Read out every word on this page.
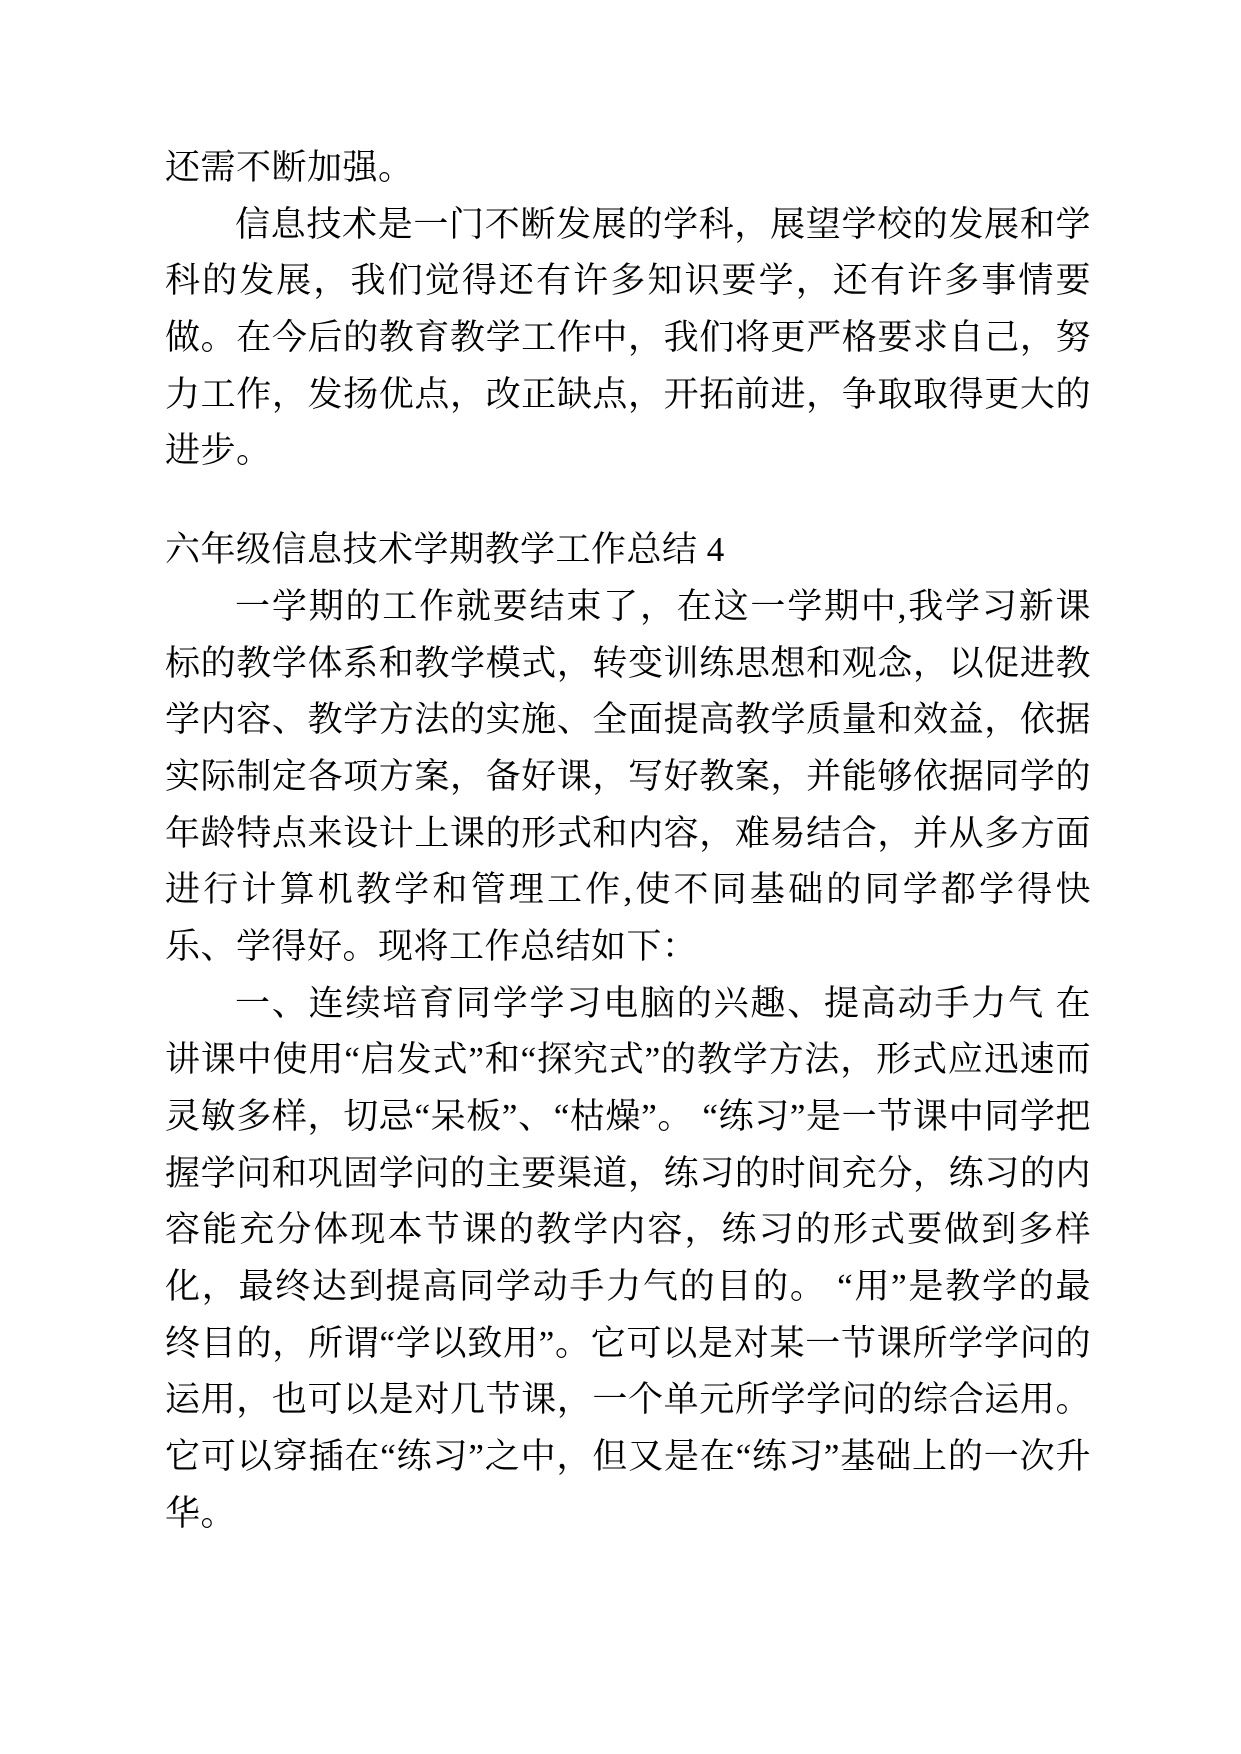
还需不断加强。

信息技术是一门不断发展的学科，展望学校的发展和学科的发展，我们觉得还有许多知识要学，还有许多事情要做。在今后的教育教学工作中，我们将更严格要求自己，努力工作，发扬优点，改正缺点，开拓前进，争取取得更大的进步。

六年级信息技术学期教学工作总结 4

一学期的工作就要结束了，在这一学期中,我学习新课标的教学体系和教学模式，转变训练思想和观念，以促进教学内容、教学方法的实施、全面提高教学质量和效益，依据实际制定各项方案，备好课，写好教案，并能够依据同学的年龄特点来设计上课的形式和内容，难易结合，并从多方面进行计算机教学和管理工作,使不同基础的同学都学得快乐、学得好。现将工作总结如下：

一、连续培育同学学习电脑的兴趣、提高动手力气 在讲课中使用“启发式”和“探究式”的教学方法，形式应迅速而灵敏多样，切忌“呆板”、“枯燥”。 “练习”是一节课中同学把握学问和巩固学问的主要渠道，练习的时间充分，练习的内容能充分体现本节课的教学内容，练习的形式要做到多样化，最终达到提高同学动手力气的目的。 “用”是教学的最终目的，所谓“学以致用”。它可以是对某一节课所学学问的运用，也可以是对几节课，一个单元所学学问的综合运用。它可以穿插在“练习”之中，但又是在“练习”基础上的一次升华。
